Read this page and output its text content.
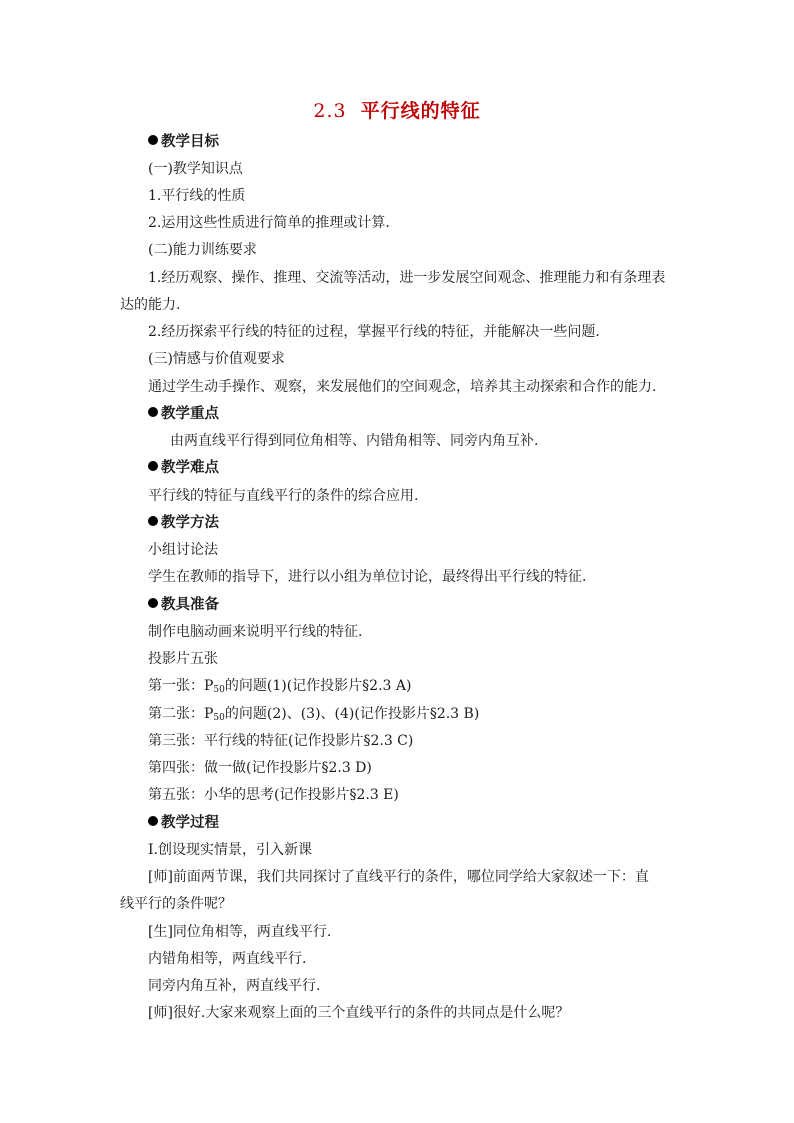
2.3 平行线的特征
教学目标
(一)教学知识点
1.平行线的性质
2.运用这些性质进行简单的推理或计算.
(二)能力训练要求
1.经历观察、操作、推理、交流等活动，进一步发展空间观念、推理能力和有条理表
达的能力.
2.经历探索平行线的特征的过程，掌握平行线的特征，并能解决一些问题.
(三)情感与价值观要求
通过学生动手操作、观察，来发展他们的空间观念，培养其主动探索和合作的能力.
教学重点
由两直线平行得到同位角相等、内错角相等、同旁内角互补.
教学难点
平行线的特征与直线平行的条件的综合应用.
教学方法
小组讨论法
学生在教师的指导下，进行以小组为单位讨论，最终得出平行线的特征.
教具准备
制作电脑动画来说明平行线的特征.
投影片五张
第一张：$P_{50}$的问题(1)(记作投影片§2.3 A)
第二张：$P_{50}$的问题(2)、(3)、(4)(记作投影片§2.3 B)
第三张：平行线的特征(记作投影片§2.3 C)
第四张：做一做(记作投影片§2.3 D)
第五张：小华的思考(记作投影片§2.3 E)
教学过程
Ⅰ.创设现实情景，引入新课
[师]前面两节课，我们共同探讨了直线平行的条件，哪位同学给大家叙述一下：直
线平行的条件呢？
[生]同位角相等，两直线平行.
内错角相等，两直线平行.
同旁内角互补，两直线平行.
[师]很好.大家来观察上面的三个直线平行的条件的共同点是什么呢？
